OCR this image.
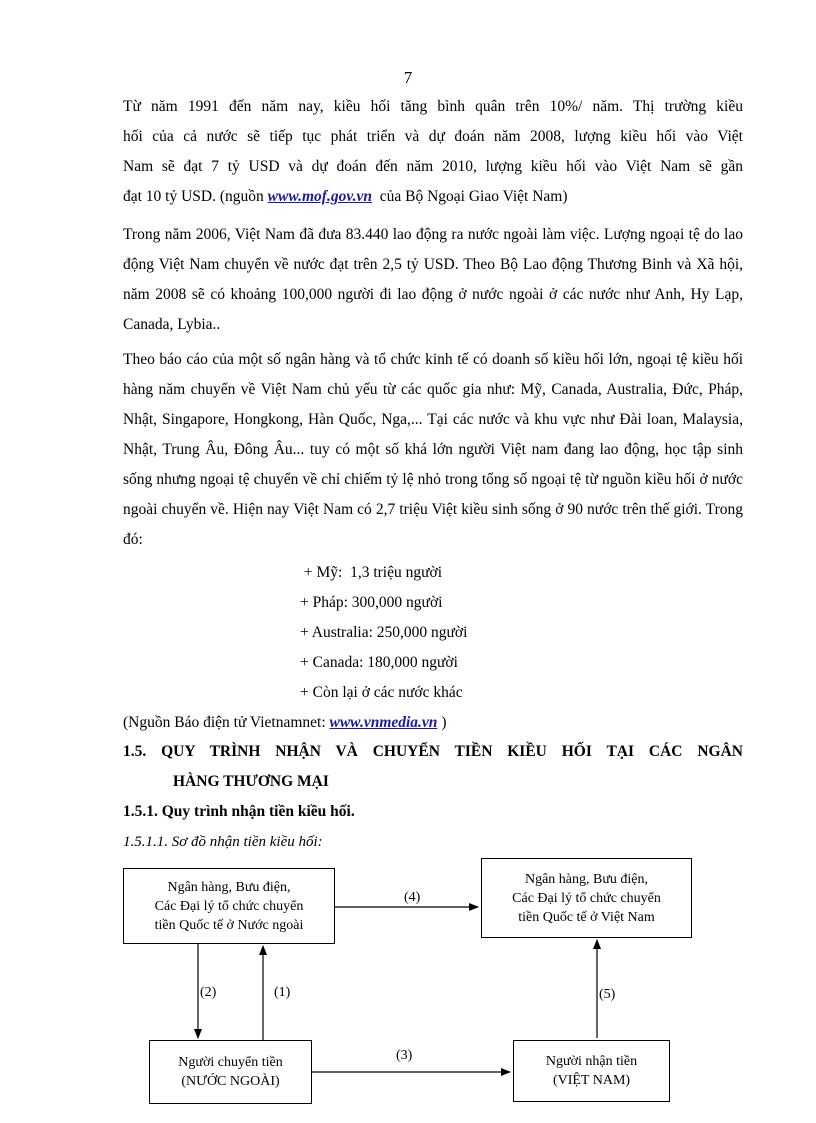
7
Từ năm 1991 đến năm nay, kiều hối tăng bình quân trên 10%/ năm. Thị trường kiều
hối của cả nước sẽ tiếp tục phát triển và dự đoán năm 2008, lượng kiều hối vào Việt
Nam sẽ đạt 7 tỷ USD và dự đoán đến năm 2010, lượng kiều hối vào Việt Nam sẽ gần
đạt 10 tỷ USD. (nguồn www.mof.gov.vn  của Bộ Ngoại Giao Việt Nam)

Trong năm 2006, Việt Nam đã đưa 83.440 lao động ra nước ngoài làm việc. Lượng ngoại tệ do lao động Việt Nam chuyển về nước đạt trên 2,5 tỷ USD. Theo Bộ Lao động Thương Binh và Xã hội, năm 2008 sẽ có khoảng 100,000 người đi lao động ở nước ngoài ở các nước như Anh, Hy Lạp, Canada, Lybia..

Theo báo cáo của một số ngân hàng và tổ chức kinh tế có doanh số kiều hối lớn, ngoại tệ kiều hối hàng năm chuyển về Việt Nam chủ yếu từ các quốc gia như: Mỹ, Canada, Australia, Đức, Pháp, Nhật, Singapore, Hongkong, Hàn Quốc, Nga,... Tại các nước và khu vực như Đài loan, Malaysia, Nhật, Trung Âu, Đông Âu... tuy có một số khá lớn người Việt nam đang lao động, học tập sinh sống nhưng ngoại tệ chuyển về chỉ chiếm tỷ lệ nhỏ trong tổng số ngoại tệ từ nguồn kiều hối ở nước ngoài chuyển về. Hiện nay Việt Nam có 2,7 triệu Việt kiều sinh sống ở 90 nước trên thế giới. Trong đó:

+ Mỹ:  1,3 triệu người
+ Pháp: 300,000 người
+ Australia: 250,000 người
+ Canada: 180,000 người
+ Còn lại ở các nước khác
(Nguồn Báo điện tử Vietnamnet: www.vnmedia.vn )
1.5. QUY TRÌNH NHẬN VÀ CHUYỂN TIỀN KIỀU HỐI TẠI CÁC NGÂN
HÀNG THƯƠNG MẠI
1.5.1. Quy trình nhận tiền kiều hối.
1.5.1.1. Sơ đồ nhận tiền kiều hối:
Ngân hàng, Bưu điện,
Các Đại lý tổ chức chuyển
tiền Quốc tế ở Nước ngoài
Ngân hàng, Bưu điện,
Các Đại lý tổ chức chuyển
tiền Quốc tế ở Việt Nam
Người chuyển tiền
(NƯỚC NGOÀI)
Người nhận tiền
(VIỆT NAM)
(4)
(2)	(1)
(3)
(5)
